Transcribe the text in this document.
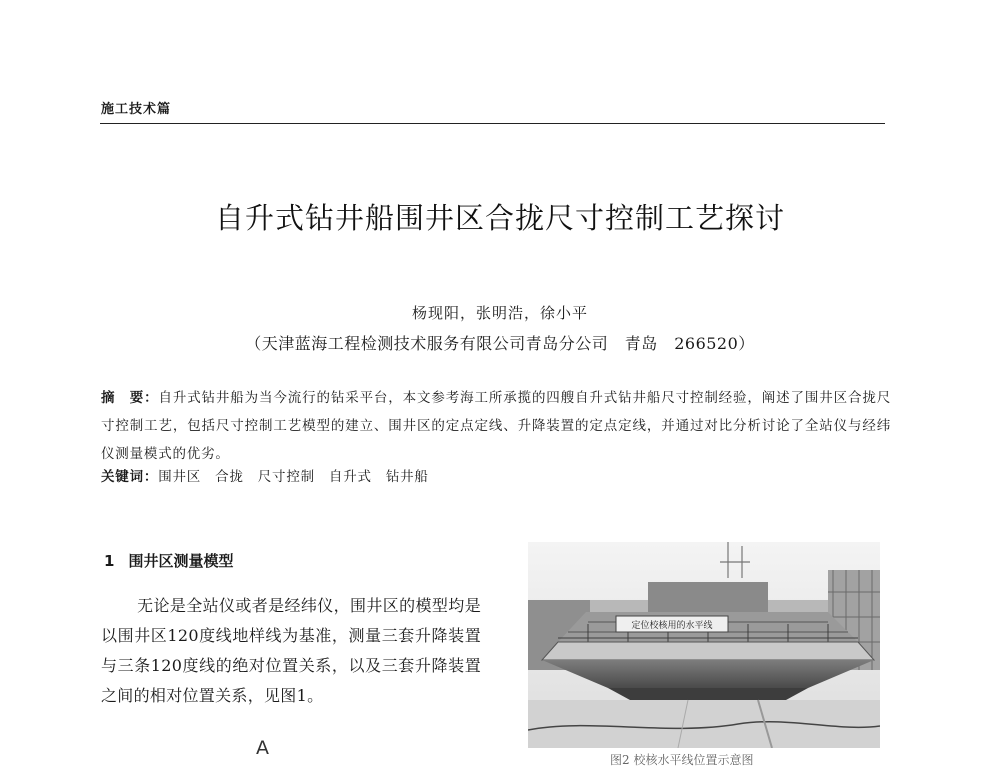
施工技术篇
自升式钻井船围井区合拢尺寸控制工艺探讨
杨现阳，张明浩，徐小平
（天津蓝海工程检测技术服务有限公司青岛分公司　青岛　266520）
摘　要：自升式钻井船为当今流行的钻采平台，本文参考海工所承揽的四艘自升式钻井船尺寸控制经验，阐述了围井区合拢尺寸控制工艺，包括尺寸控制工艺模型的建立、围井区的定点定线、升降装置的定点定线，并通过对比分析讨论了全站仪与经纬仪测量模式的优劣。
关键词：围井区 合拢 尺寸控制 自升式 钻井船
1 围井区测量模型
无论是全站仪或者是经纬仪，围井区的模型均是以围井区120度线地样线为基准，测量三套升降装置与三条120度线的绝对位置关系，以及三套升降装置之间的相对位置关系，见图1。
A
定位校核用的水平线
图2 校核水平线位置示意图
